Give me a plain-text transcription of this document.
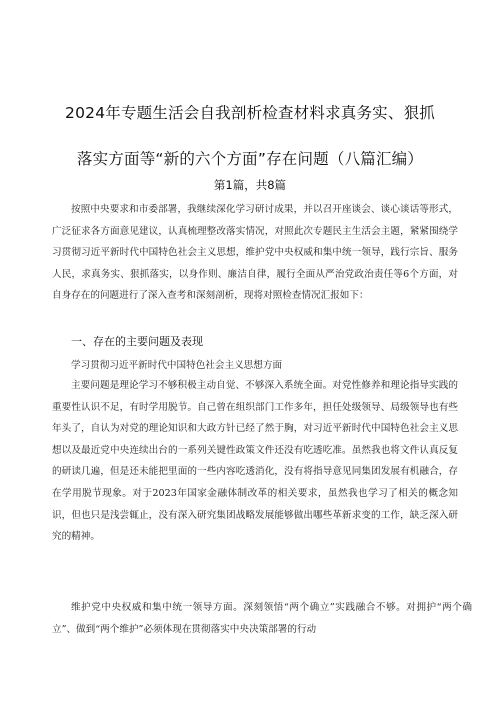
2024年专题生活会自我剖析检查材料求真务实、狠抓
落实方面等“新的六个方面”存在问题（八篇汇编）
第1篇，共8篇

按照中央要求和市委部署，我继续深化学习研讨成果，并以召开座谈会、谈心谈话等形式，广泛征求各方面意见建议，认真梳理整改落实情况，对照此次专题民主生活会主题，紧紧围绕学习贯彻习近平新时代中国特色社会主义思想，维护党中央权威和集中统一领导，践行宗旨、服务人民，求真务实、狠抓落实，以身作则、廉洁自律，履行全面从严治党政治责任等6个方面，对自身存在的问题进行了深入查考和深刻剖析，现将对照检查情况汇报如下：

一、存在的主要问题及表现
学习贯彻习近平新时代中国特色社会主义思想方面

主要问题是理论学习不够积极主动自觉、不够深入系统全面。对党性修养和理论指导实践的重要性认识不足，有时学用脱节。自己曾在组织部门工作多年，担任处级领导、局级领导也有些年头了，自认为对党的理论知识和大政方针已经了然于胸，对习近平新时代中国特色社会主义思想以及最近党中央连续出台的一系列关键性政策文件还没有吃透吃准。虽然我也将文件认真反复的研读几遍，但是还未能把里面的一些内容吃透消化，没有将指导意见同集团发展有机融合，存在学用脱节现象。对于2023年国家金融体制改革的相关要求，虽然我也学习了相关的概念知识，但也只是浅尝辄止，没有深入研究集团战略发展能够做出哪些革新求变的工作，缺乏深入研究的精神。

维护党中央权威和集中统一领导方面。深刻领悟“两个确立”实践融合不够。对拥护“两个确立”、做到“两个维护”必须体现在贯彻落实中央决策部署的行动
